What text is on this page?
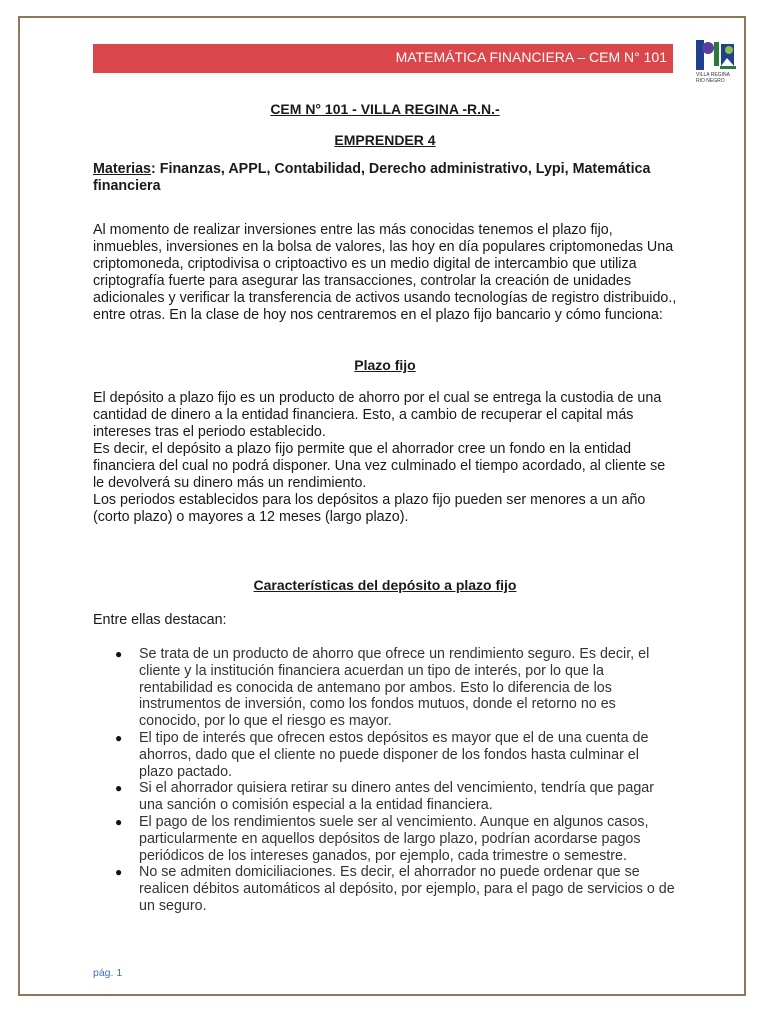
MATEMÁTICA FINANCIERA – CEM N° 101
VILLA REGINA
RIO NEGRO
CEM N° 101 - VILLA REGINA -R.N.-
EMPRENDER 4
Materias: Finanzas, APPL, Contabilidad, Derecho administrativo, Lypi, Matemática financiera

Al momento de realizar inversiones entre las más conocidas tenemos el plazo fijo, inmuebles, inversiones en la bolsa de valores, las hoy en día populares criptomonedas Una criptomoneda, criptodivisa o criptoactivo es un medio digital de intercambio que utiliza criptografía fuerte para asegurar las transacciones, controlar la creación de unidades adicionales y verificar la transferencia de activos usando tecnologías de registro distribuido., entre otras. En la clase de hoy nos centraremos en el plazo fijo bancario y cómo funciona:

Plazo fijo

El depósito a plazo fijo es un producto de ahorro por el cual se entrega la custodia de una cantidad de dinero a la entidad financiera. Esto, a cambio de recuperar el capital más intereses tras el periodo establecido.

Es decir, el depósito a plazo fijo permite que el ahorrador cree un fondo en la entidad financiera del cual no podrá disponer. Una vez culminado el tiempo acordado, al cliente se le devolverá su dinero más un rendimiento.

Los periodos establecidos para los depósitos a plazo fijo pueden ser menores a un año (corto plazo) o mayores a 12 meses (largo plazo).

Características del depósito a plazo fijo

Entre ellas destacan:

● Se trata de un producto de ahorro que ofrece un rendimiento seguro. Es decir, el cliente y la institución financiera acuerdan un tipo de interés, por lo que la rentabilidad es conocida de antemano por ambos. Esto lo diferencia de los instrumentos de inversión, como los fondos mutuos, donde el retorno no es conocido, por lo que el riesgo es mayor.
● El tipo de interés que ofrecen estos depósitos es mayor que el de una cuenta de ahorros, dado que el cliente no puede disponer de los fondos hasta culminar el plazo pactado.
● Si el ahorrador quisiera retirar su dinero antes del vencimiento, tendría que pagar una sanción o comisión especial a la entidad financiera.
● El pago de los rendimientos suele ser al vencimiento. Aunque en algunos casos, particularmente en aquellos depósitos de largo plazo, podrían acordarse pagos periódicos de los intereses ganados, por ejemplo, cada trimestre o semestre.
● No se admiten domiciliaciones. Es decir, el ahorrador no puede ordenar que se realicen débitos automáticos al depósito, por ejemplo, para el pago de servicios o de un seguro.
pág. 1
